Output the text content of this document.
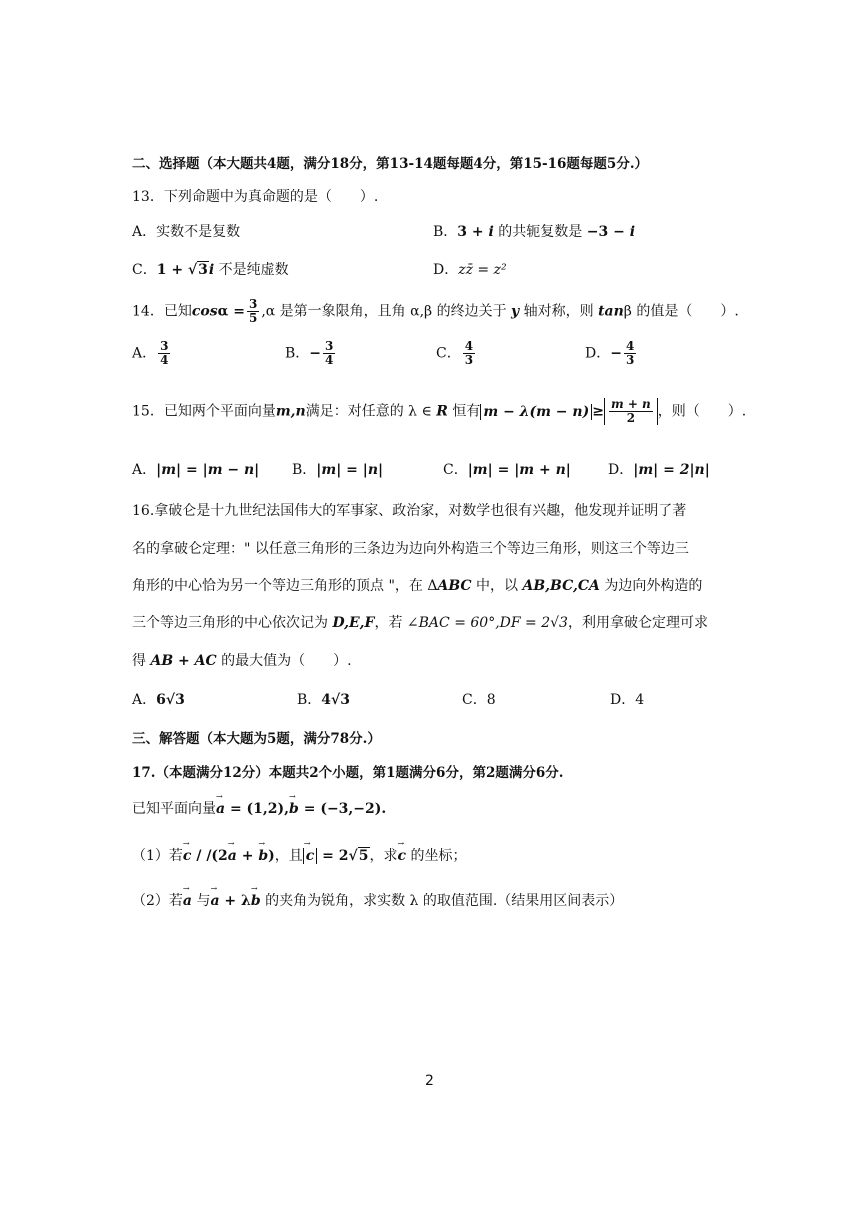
二、选择题（本大题共4题，满分18分，第13-14题每题4分，第15-16题每题5分.）
13．下列命题中为真命题的是（　　）.
A．实数不是复数	B．3 + i 的共轭复数是 −3 − i
C．1 + √3i 不是纯虚数	D．zz̄ = z²
14．已知$\cos\alpha = \frac{3}{5} ,\alpha$ 是第一象限角，且角 α,β 的终边关于 y 轴对称，则 tanβ 的值是（　　）.
A． $\frac{3}{4}$	B．− $\frac{3}{4}$	C． $\frac{4}{3}$	D．− $\frac{4}{3}$
15．已知两个平面向量m,n满足：对任意的 λ ∈ R 恒有 $m - \lambda(m - n) \ge \frac{m + n}{2}$ ，则（　　）.
A．|m| = |m − n| B．|m| = |n|	C．|m| = |m + n|	D．|m| = 2|n|
16.拿破仑是十九世纪法国伟大的军事家、政治家，对数学也很有兴趣，他发现并证明了著
名的拿破仑定理：" 以任意三角形的三条边为边向外构造三个等边三角形，则这三个等边三
角形的中心恰为另一个等边三角形的顶点 "，在 ΔABC 中，以 AB,BC,CA 为边向外构造的
三个等边三角形的中心依次记为 D,E,F，若 ∠BAC = 60°,DF = 2√3，利用拿破仑定理可求
得 AB + AC 的最大值为（　　）.
A．6√3	B．4√3	C．8	D．4
三、解答题（本大题为5题，满分78分.）
17.（本题满分12分）本题共2个小题，第1题满分6分，第2题满分6分.
已知平面向量→ a = (1,2),→ b = (−3,−2).
（1）若→ c / /(2→ a + → b)，且→ c = 2√5，求→ c 的坐标；
（2）若→ a 与→ a + λ→ b 的夹角为锐角，求实数 λ 的取值范围.（结果用区间表示）
2
